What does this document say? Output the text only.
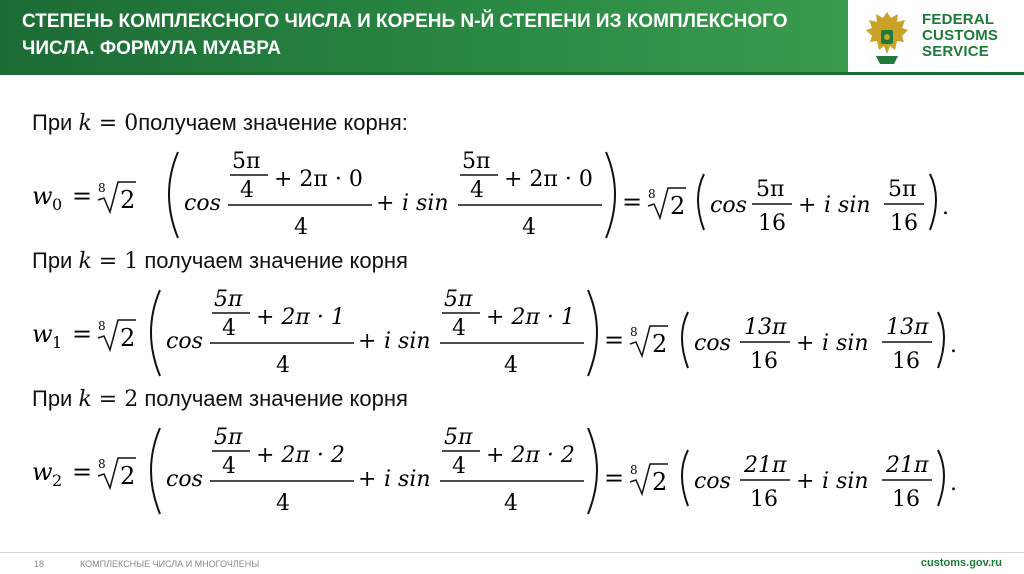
СТЕПЕНЬ КОМПЛЕКСНОГО ЧИСЛА И КОРЕНЬ N-Й СТЕПЕНИ ИЗ КОМПЛЕКСНОГО ЧИСЛА. ФОРМУЛА МУАВРА
FEDERAL
CUSTOMS
SERVICE
При k = 0получаем значение корня:
w 0 = 8 2 cos
5π
4 + 2π · 0
4
+ i sin
5π
4 + 2π · 0
4
= 8 2 cos
5π
16
+ i sin
5π
16
.
При k = 1 получаем значение корня
w 1 = 8 2 cos
5π
4 + 2π · 1
4
+ i sin
5π
4 + 2π · 1
4
= 8 2 cos
13π
16
+ i sin
13π
16
.
При k = 2 получаем значение корня
w 2 = 8 2 cos
5π
4 + 2π · 2
4
+ i sin
5π
4 + 2π · 2
4
= 8 2 cos
21π
16
+ i sin
21π
16
.
18	КОМПЛЕКСНЫЕ ЧИСЛА И МНОГОЧЛЕНЫ	customs.gov.ru
